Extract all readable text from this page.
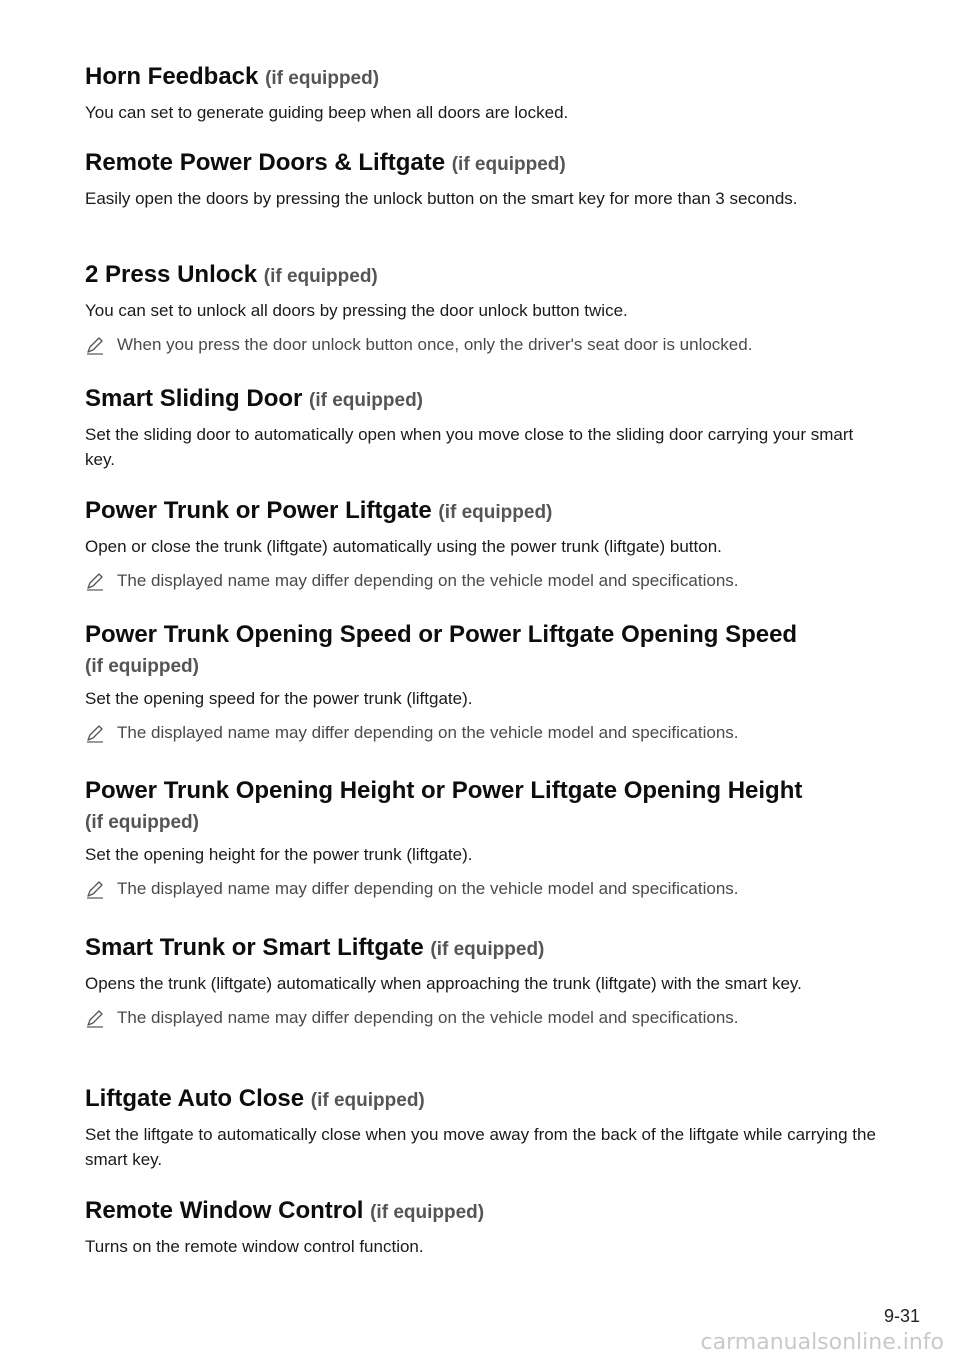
Horn Feedback (if equipped)

You can set to generate guiding beep when all doors are locked.

Remote Power Doors & Liftgate (if equipped)

Easily open the doors by pressing the unlock button on the smart key for more than 3 seconds.

2 Press Unlock (if equipped)

You can set to unlock all doors by pressing the door unlock button twice.

When you press the door unlock button once, only the driver's seat door is unlocked.
Smart Sliding Door (if equipped)

Set the sliding door to automatically open when you move close to the sliding door carrying your smart key.

Power Trunk or Power Liftgate (if equipped)

Open or close the trunk (liftgate) automatically using the power trunk (liftgate) button.

The displayed name may differ depending on the vehicle model and specifications.
Power Trunk Opening Speed or Power Liftgate Opening Speed
(if equipped)

Set the opening speed for the power trunk (liftgate).

The displayed name may differ depending on the vehicle model and specifications.
Power Trunk Opening Height or Power Liftgate Opening Height
(if equipped)

Set the opening height for the power trunk (liftgate).

The displayed name may differ depending on the vehicle model and specifications.
Smart Trunk or Smart Liftgate (if equipped)

Opens the trunk (liftgate) automatically when approaching the trunk (liftgate) with the smart key.

The displayed name may differ depending on the vehicle model and specifications.
Liftgate Auto Close (if equipped)

Set the liftgate to automatically close when you move away from the back of the liftgate while carrying the smart key.

Remote Window Control (if equipped)

Turns on the remote window control function.

9-31
carmanualsonline.info
